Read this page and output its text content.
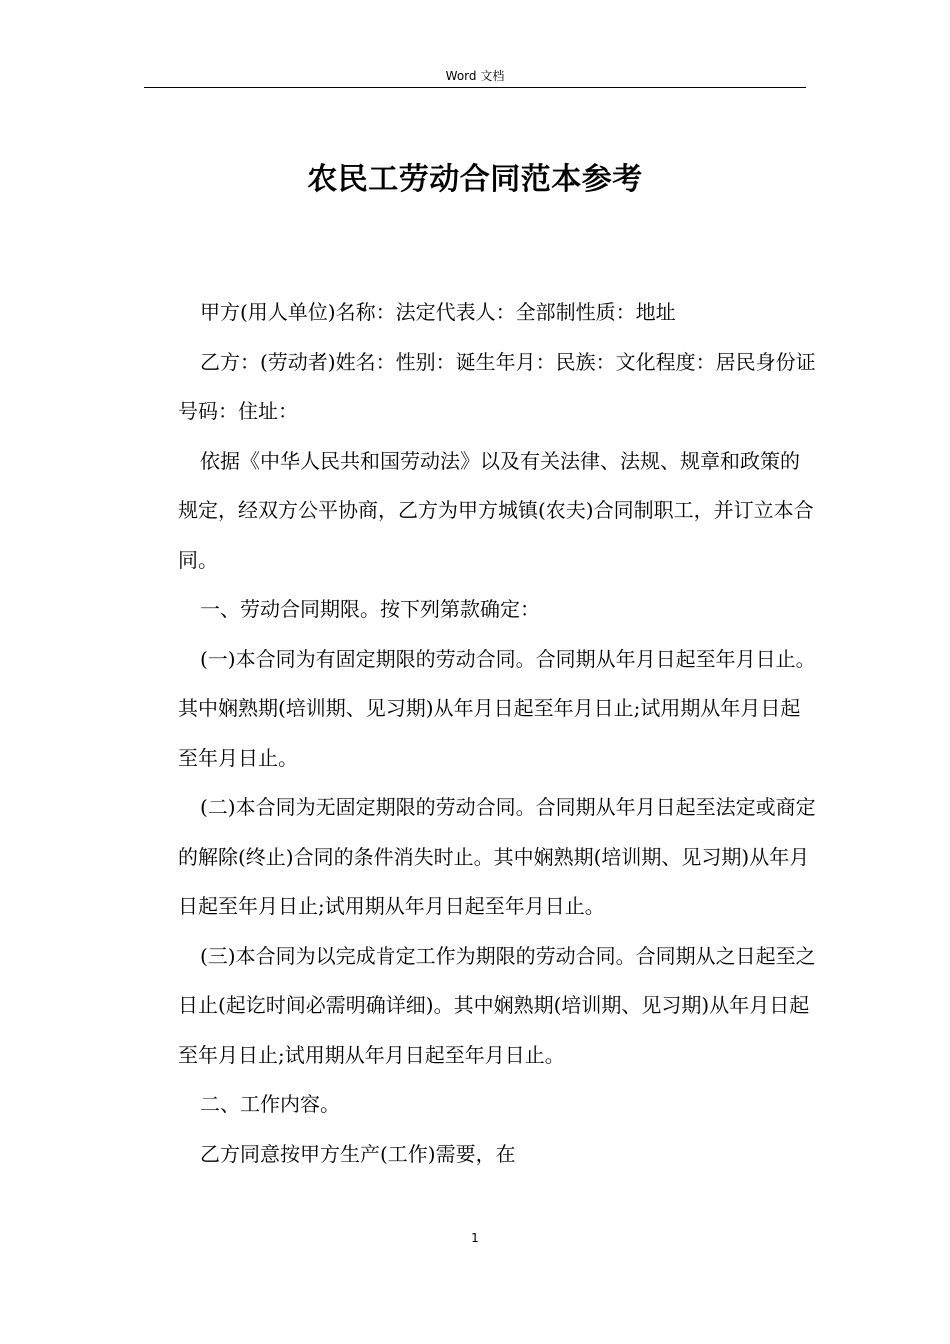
Word 文档
农民工劳动合同范本参考

甲方(用人单位)名称：法定代表人：全部制性质：地址

乙方：(劳动者)姓名：性别：诞生年月：民族：文化程度：居民身份证号码：住址：

依据《中华人民共和国劳动法》以及有关法律、法规、规章和政策的规定，经双方公平协商，乙方为甲方城镇(农夫)合同制职工，并订立本合同。

一、劳动合同期限。按下列第款确定：

(一)本合同为有固定期限的劳动合同。合同期从年月日起至年月日止。其中娴熟期(培训期、见习期)从年月日起至年月日止;试用期从年月日起至年月日止。

(二)本合同为无固定期限的劳动合同。合同期从年月日起至法定或商定的解除(终止)合同的条件消失时止。其中娴熟期(培训期、见习期)从年月日起至年月日止;试用期从年月日起至年月日止。

(三)本合同为以完成肯定工作为期限的劳动合同。合同期从之日起至之日止(起讫时间必需明确详细)。其中娴熟期(培训期、见习期)从年月日起至年月日止;试用期从年月日起至年月日止。

二、工作内容。

乙方同意按甲方生产(工作)需要，在

1
